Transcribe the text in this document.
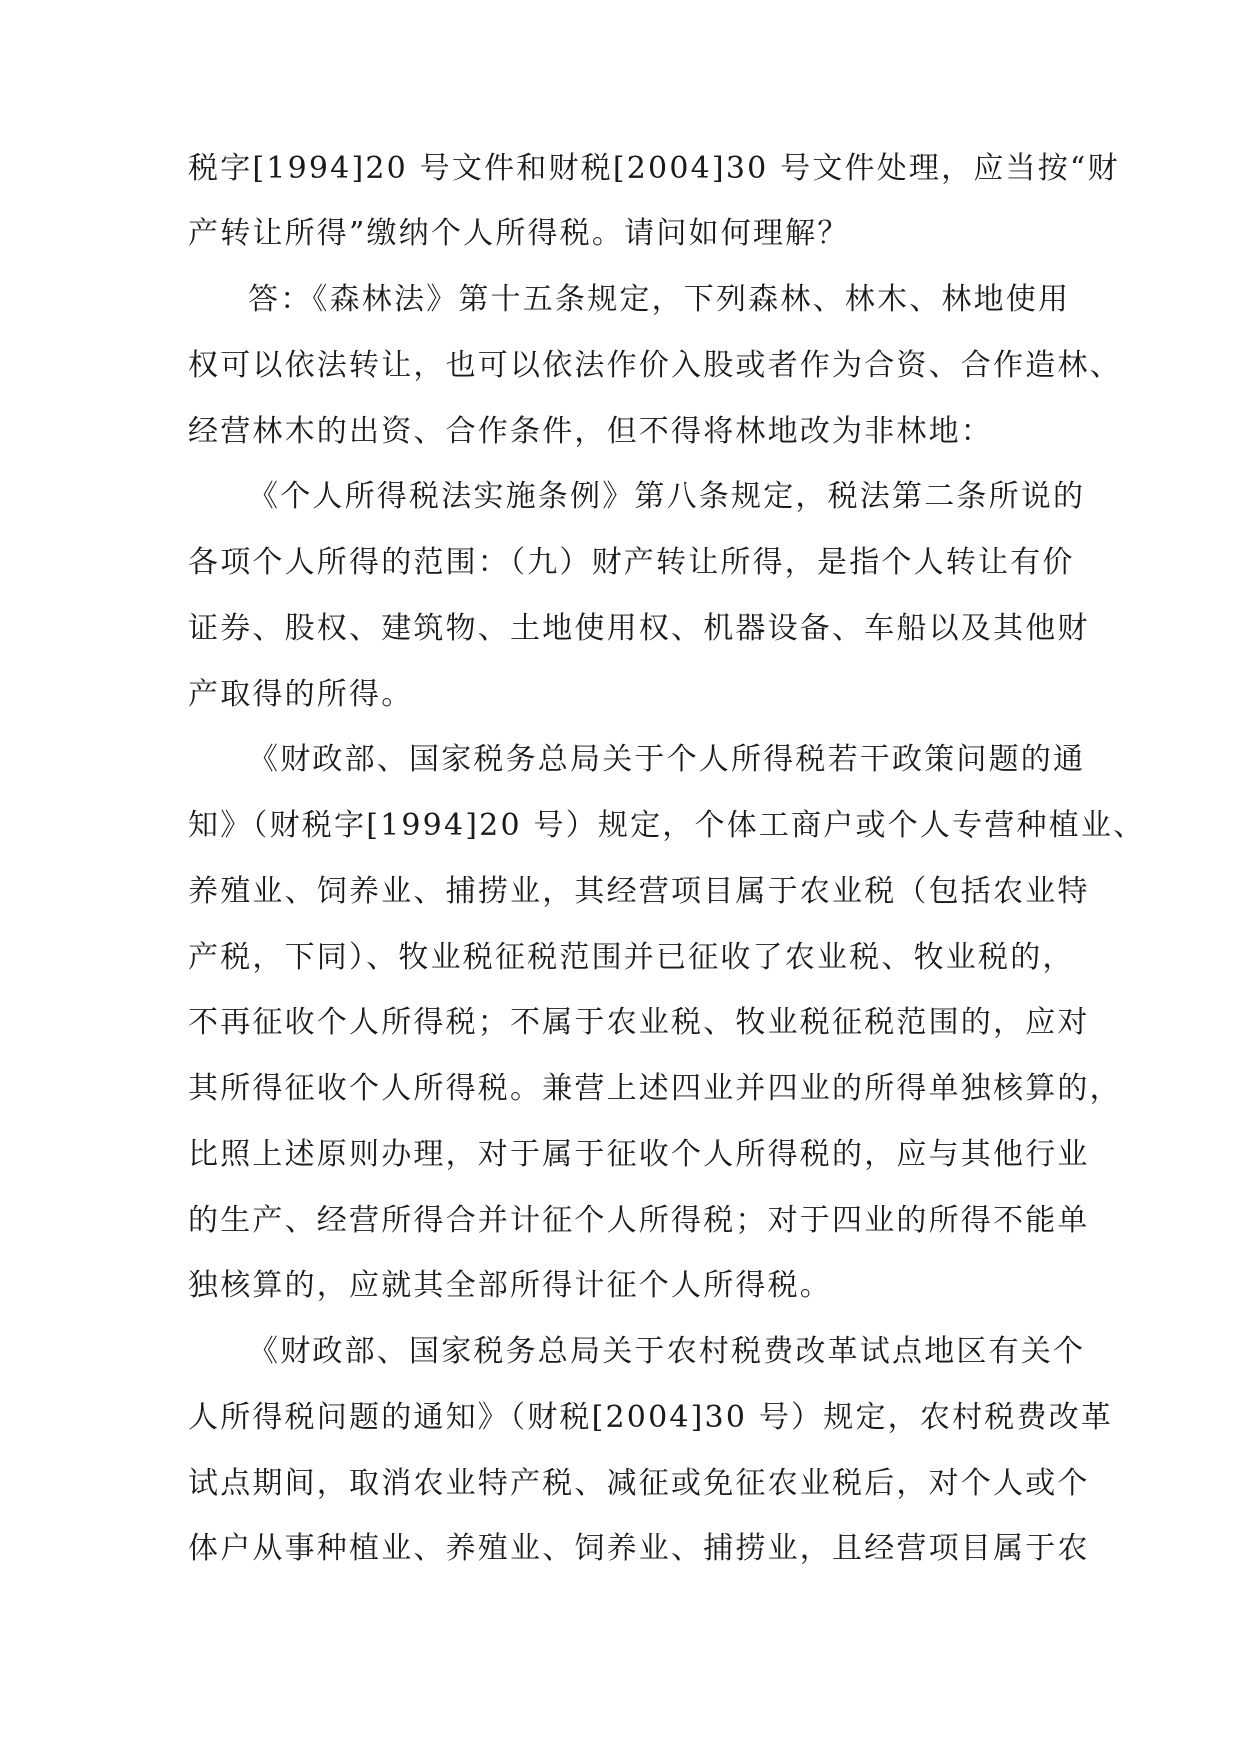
税字[1994]20 号文件和财税[2004]30 号文件处理，应当按“财
产转让所得”缴纳个人所得税。请问如何理解？
答：《森林法》第十五条规定，下列森林、林木、林地使用
权可以依法转让，也可以依法作价入股或者作为合资、合作造林、
经营林木的出资、合作条件，但不得将林地改为非林地：
《个人所得税法实施条例》第八条规定，税法第二条所说的
各项个人所得的范围：（九）财产转让所得，是指个人转让有价
证券、股权、建筑物、土地使用权、机器设备、车船以及其他财
产取得的所得。
《财政部、国家税务总局关于个人所得税若干政策问题的通
知》（财税字[1994]20 号）规定，个体工商户或个人专营种植业、
养殖业、饲养业、捕捞业，其经营项目属于农业税（包括农业特
产税，下同）、牧业税征税范围并已征收了农业税、牧业税的，
不再征收个人所得税；不属于农业税、牧业税征税范围的，应对
其所得征收个人所得税。兼营上述四业并四业的所得单独核算的，
比照上述原则办理，对于属于征收个人所得税的，应与其他行业
的生产、经营所得合并计征个人所得税；对于四业的所得不能单
独核算的，应就其全部所得计征个人所得税。
《财政部、国家税务总局关于农村税费改革试点地区有关个
人所得税问题的通知》（财税[2004]30 号）规定，农村税费改革
试点期间，取消农业特产税、减征或免征农业税后，对个人或个
体户从事种植业、养殖业、饲养业、捕捞业，且经营项目属于农
